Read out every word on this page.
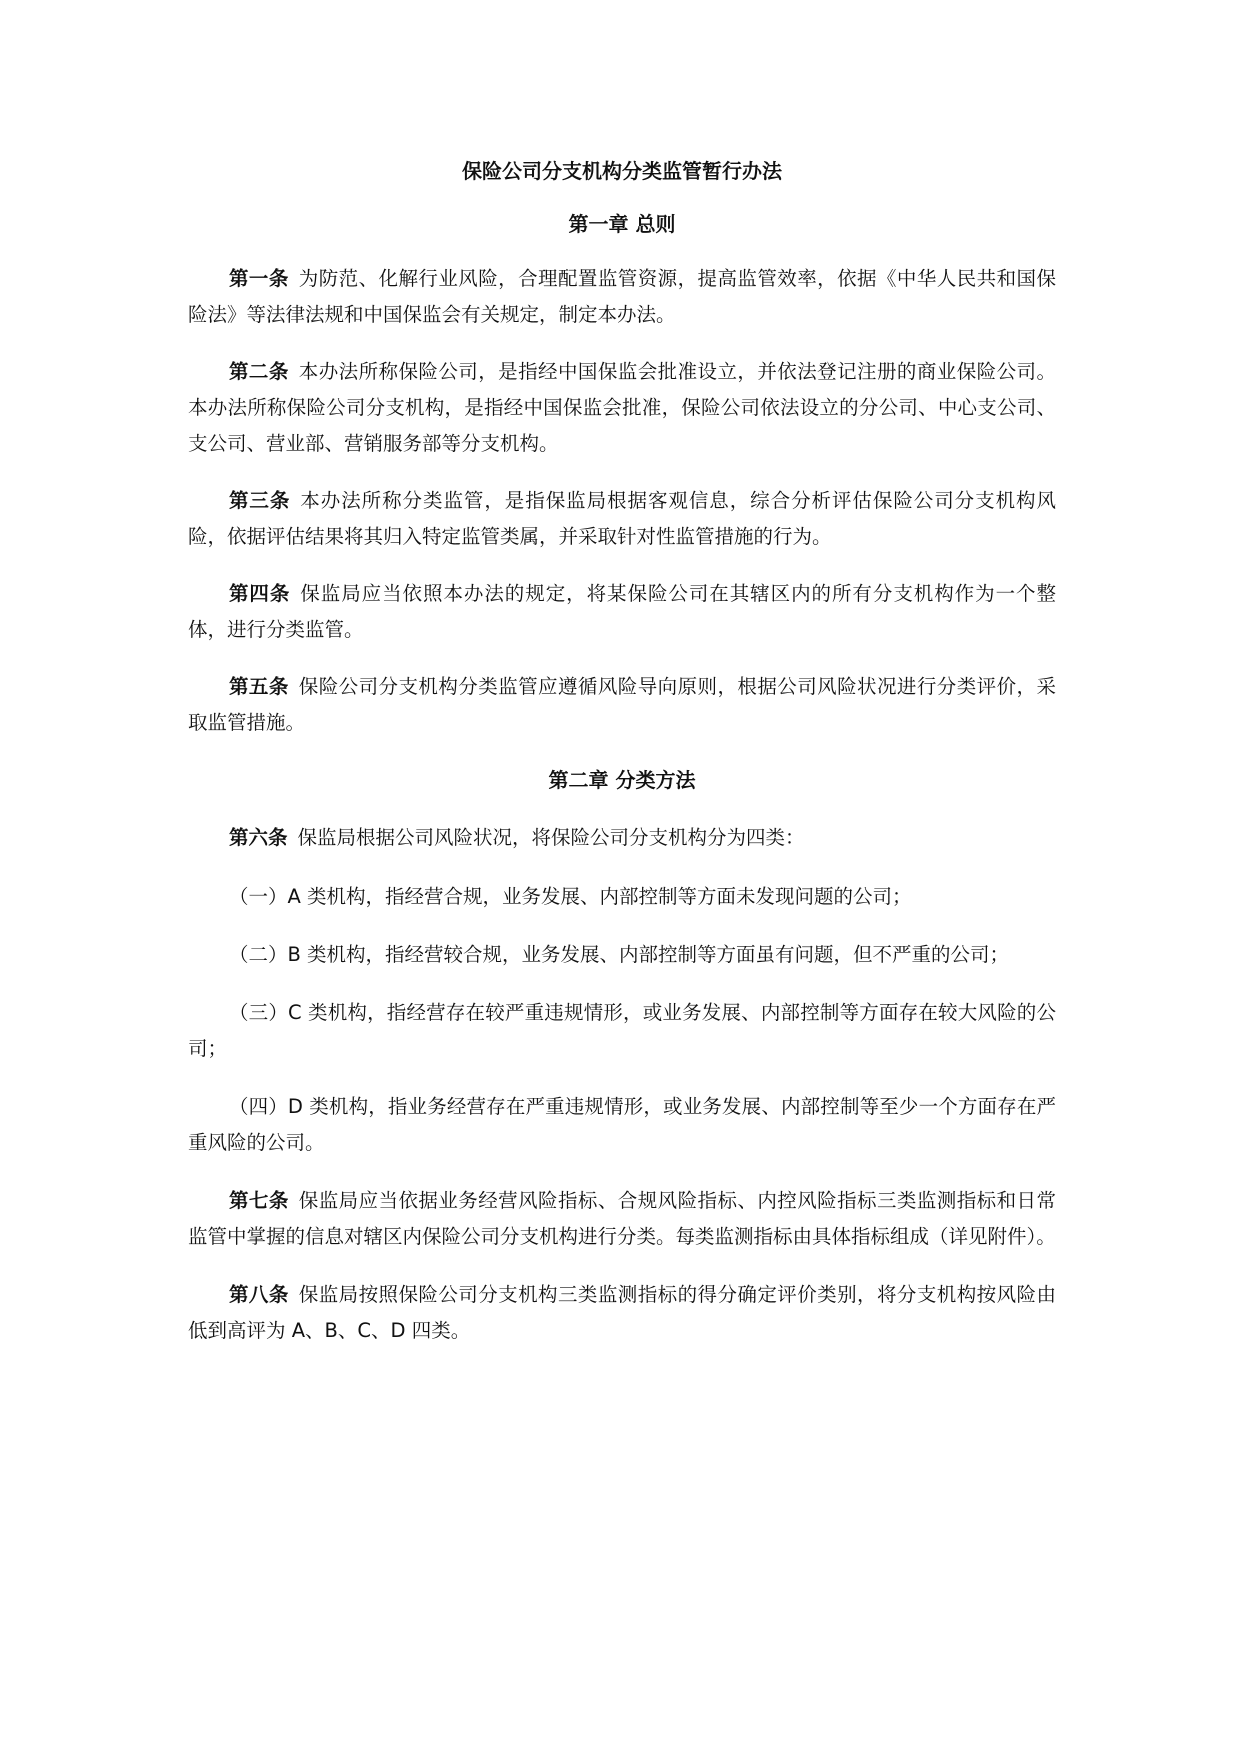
保险公司分支机构分类监管暂行办法
第一章 总则

第一条 为防范、化解行业风险，合理配置监管资源，提高监管效率，依据《中华人民共和国保险法》等法律法规和中国保监会有关规定，制定本办法。

第二条 本办法所称保险公司，是指经中国保监会批准设立，并依法登记注册的商业保险公司。本办法所称保险公司分支机构，是指经中国保监会批准，保险公司依法设立的分公司、中心支公司、支公司、营业部、营销服务部等分支机构。

第三条 本办法所称分类监管，是指保监局根据客观信息，综合分析评估保险公司分支机构风险，依据评估结果将其归入特定监管类属，并采取针对性监管措施的行为。

第四条 保监局应当依照本办法的规定，将某保险公司在其辖区内的所有分支机构作为一个整体，进行分类监管。

第五条 保险公司分支机构分类监管应遵循风险导向原则，根据公司风险状况进行分类评价，采取监管措施。

第二章 分类方法

第六条 保监局根据公司风险状况，将保险公司分支机构分为四类：

（一）A 类机构，指经营合规，业务发展、内部控制等方面未发现问题的公司；

（二）B 类机构，指经营较合规，业务发展、内部控制等方面虽有问题，但不严重的公司；

（三）C 类机构，指经营存在较严重违规情形，或业务发展、内部控制等方面存在较大风险的公司；

（四）D 类机构，指业务经营存在严重违规情形，或业务发展、内部控制等至少一个方面存在严重风险的公司。

第七条 保监局应当依据业务经营风险指标、合规风险指标、内控风险指标三类监测指标和日常监管中掌握的信息对辖区内保险公司分支机构进行分类。每类监测指标由具体指标组成（详见附件）。

第八条 保监局按照保险公司分支机构三类监测指标的得分确定评价类别，将分支机构按风险由低到高评为 A、B、C、D 四类。
